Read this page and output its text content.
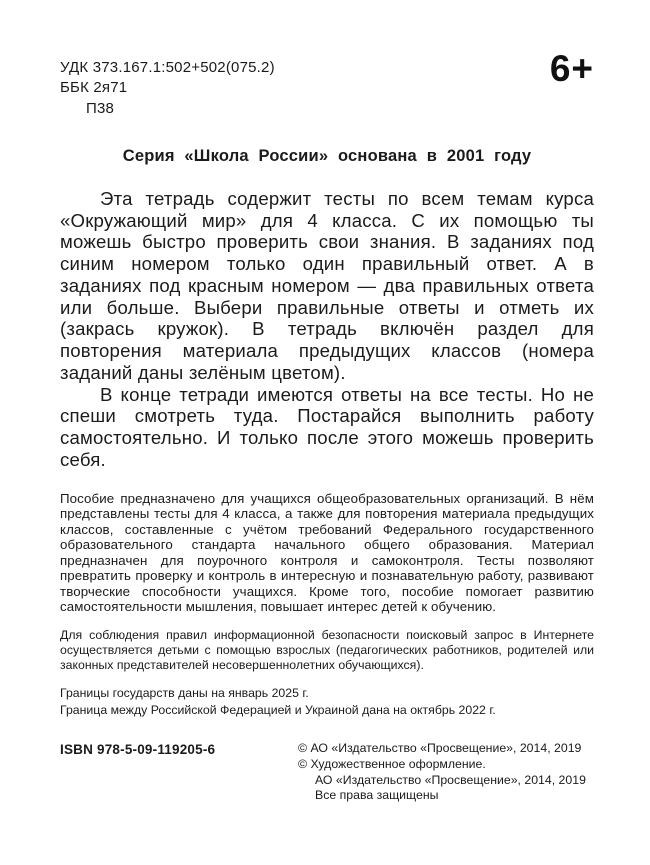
УДК 373.167.1:502+502(075.2)
ББК 2я71
П38
6+
Серия «Школа России» основана в 2001 году

Эта тетрадь содержит тесты по всем темам курса «Окружающий мир» для 4 класса. С их помощью ты можешь быстро проверить свои знания. В заданиях под синим номером только один правильный ответ. А в заданиях под красным номером — два правильных ответа или больше. Выбери правильные ответы и отметь их (закрась кружок). В тетрадь включён раздел для повторения материала предыдущих классов (номера заданий даны зелёным цветом).

В конце тетради имеются ответы на все тесты. Но не спеши смотреть туда. Постарайся выполнить работу самостоятельно. И только после этого можешь проверить себя.

Пособие предназначено для учащихся общеобразовательных организаций. В нём представлены тесты для 4 класса, а также для повторения материала предыдущих классов, составленные с учётом требований Федерального государственного образовательного стандарта начального общего образования. Материал предназначен для поурочного контроля и самоконтроля. Тесты позволяют превратить проверку и контроль в интересную и познавательную работу, развивают творческие способности учащихся. Кроме того, пособие помогает развитию самостоятельности мышления, повышает интерес детей к обучению.

Для соблюдения правил информационной безопасности поисковый запрос в Интернете осуществляется детьми с помощью взрослых (педагогических работников, родителей или законных представителей несовершеннолетних обучающихся).

Границы государств даны на январь 2025 г.

Граница между Российской Федерацией и Украиной дана на октябрь 2022 г.

ISBN 978-5-09-119205-6	© АО «Издательство «Просвещение», 2014, 2019
© Художественное оформление.
АО «Издательство «Просвещение», 2014, 2019
Все права защищены
